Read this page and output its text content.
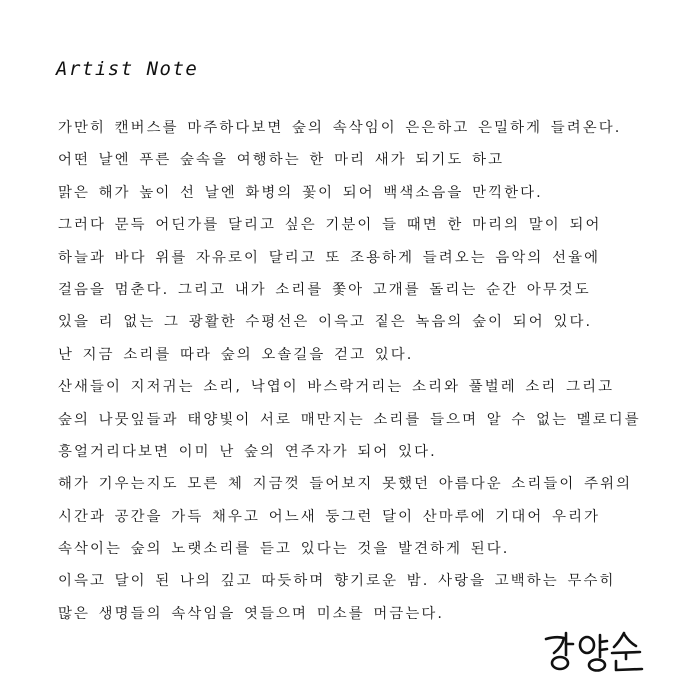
Artist Note
가만히 캔버스를 마주하다보면 숲의 속삭임이 은은하고 은밀하게 들려온다.
어떤 날엔 푸른 숲속을 여행하는 한 마리 새가 되기도 하고
맑은 해가 높이 선 날엔 화병의 꽃이 되어 백색소음을 만끽한다.
그러다 문득 어딘가를 달리고 싶은 기분이 들 때면 한 마리의 말이 되어
하늘과 바다 위를 자유로이 달리고 또 조용하게 들려오는 음악의 선율에
걸음을 멈춘다. 그리고 내가 소리를 쫓아 고개를 돌리는 순간 아무것도
있을 리 없는 그 광활한 수평선은 이윽고 짙은 녹음의 숲이 되어 있다.
난 지금 소리를 따라 숲의 오솔길을 걷고 있다.
산새들이 지저귀는 소리, 낙엽이 바스락거리는 소리와 풀벌레 소리 그리고
숲의 나뭇잎들과 태양빛이 서로 매만지는 소리를 들으며 알 수 없는 멜로디를
흥얼거리다보면 이미 난 숲의 연주자가 되어 있다.
해가 기우는지도 모른 체 지금껏 들어보지 못했던 아름다운 소리들이 주위의
시간과 공간을 가득 채우고 어느새 둥그런 달이 산마루에 기대어 우리가
속삭이는 숲의 노랫소리를 듣고 있다는 것을 발견하게 된다.
이윽고 달이 된 나의 깊고 따듯하며 향기로운 밤. 사랑을 고백하는 무수히
많은 생명들의 속삭임을 엿들으며 미소를 머금는다.
